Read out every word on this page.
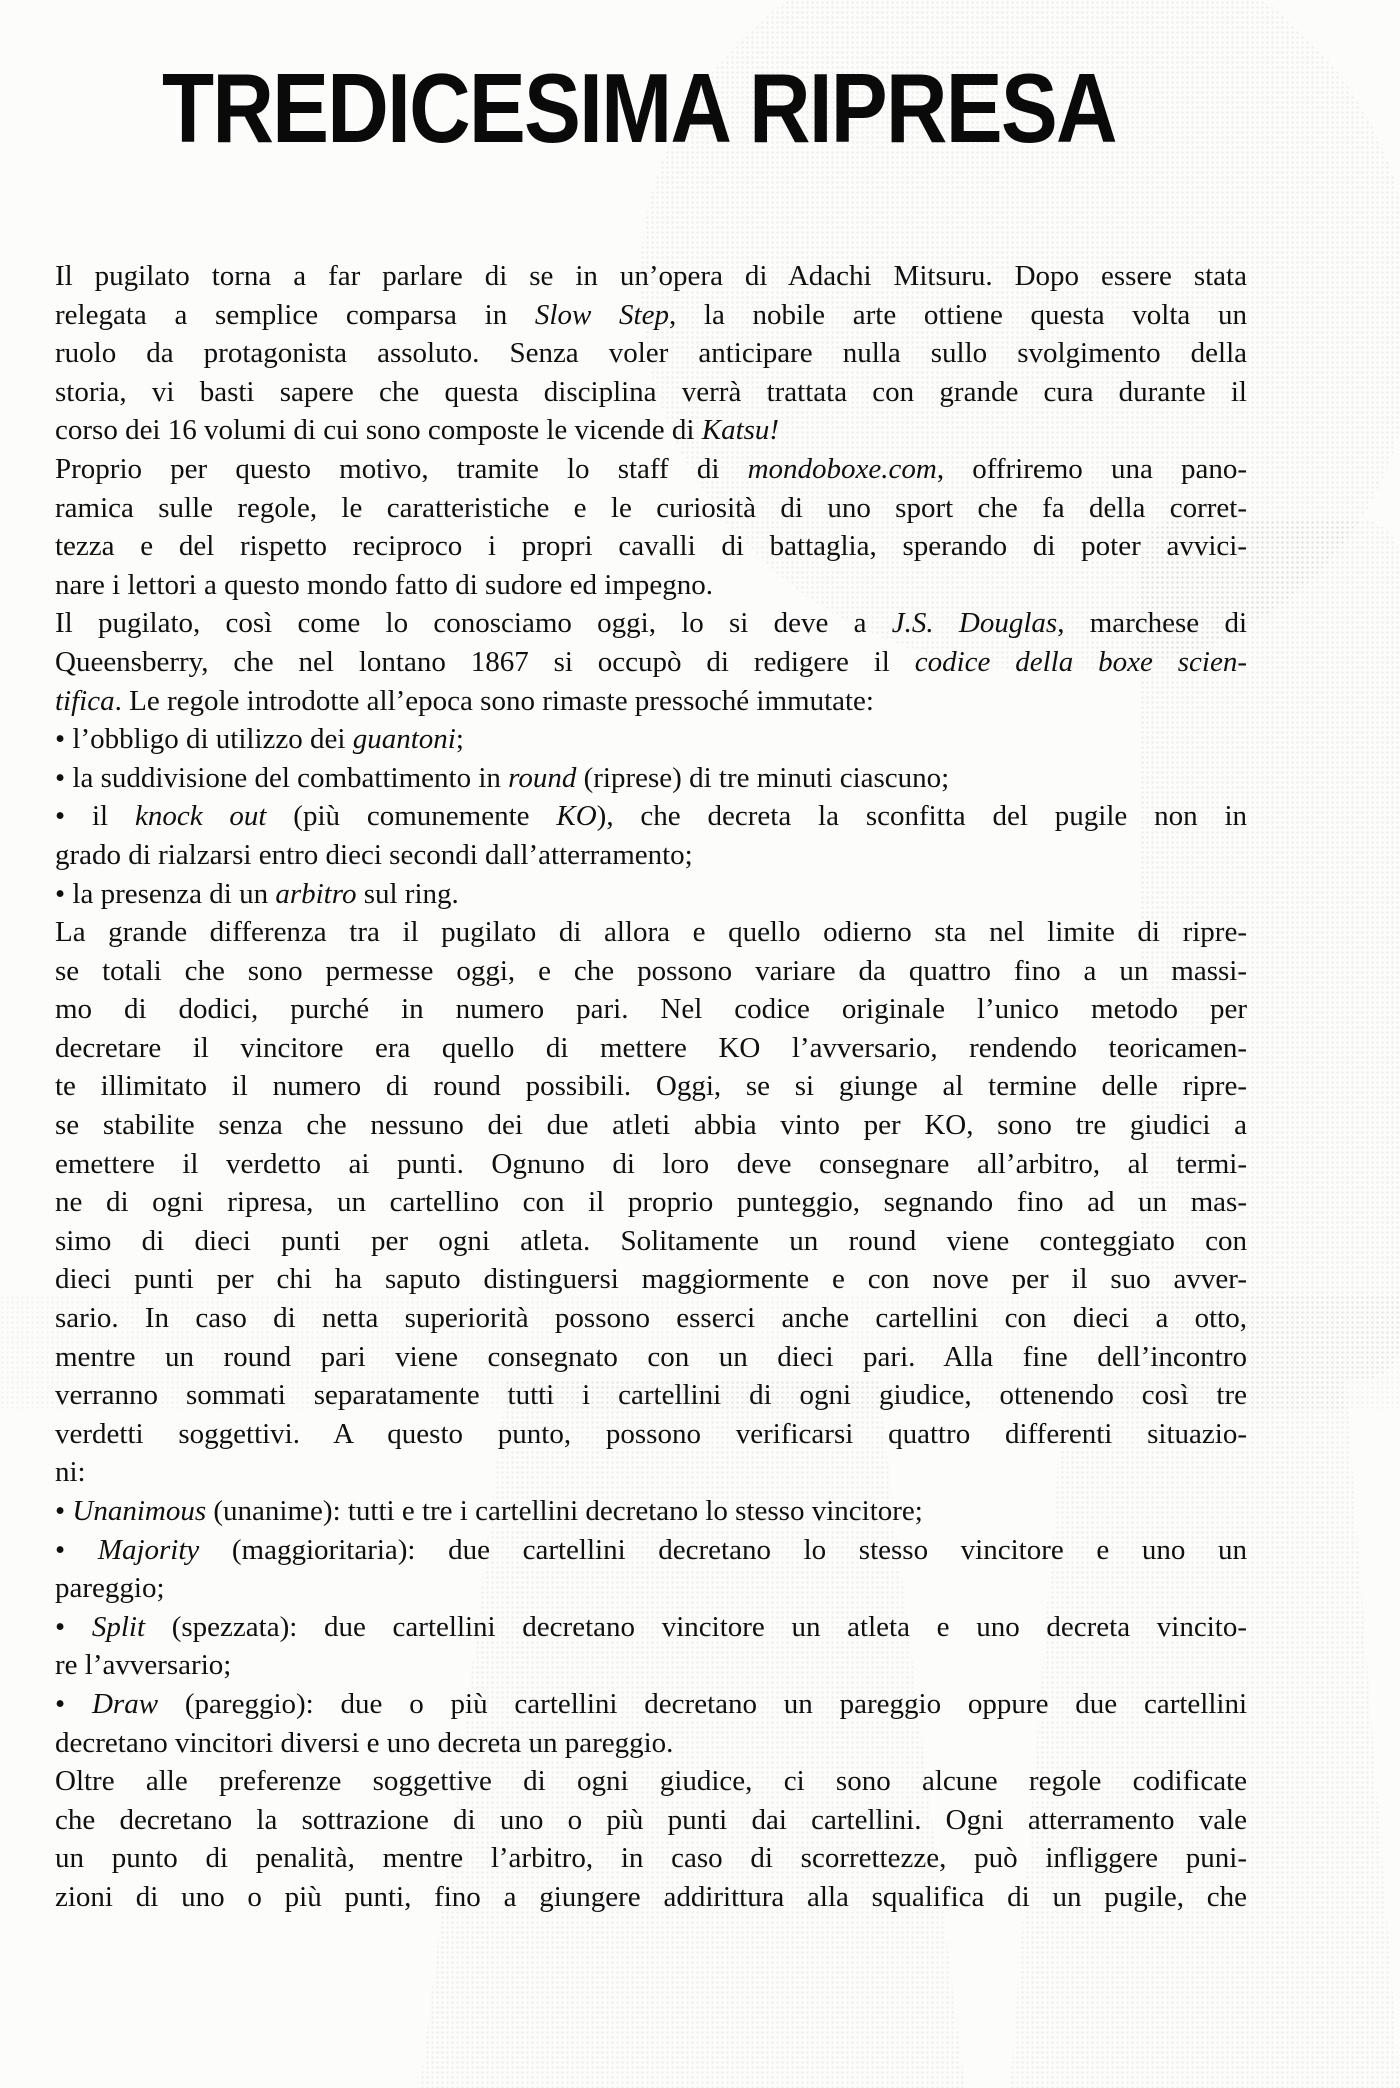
TREDICESIMA RIPRESA
Il pugilato torna a far parlare di se in un’opera di Adachi Mitsuru. Dopo essere stata
relegata a semplice comparsa in Slow Step, la nobile arte ottiene questa volta un
ruolo da protagonista assoluto. Senza voler anticipare nulla sullo svolgimento della
storia, vi basti sapere che questa disciplina verrà trattata con grande cura durante il
corso dei 16 volumi di cui sono composte le vicende di Katsu!
Proprio per questo motivo, tramite lo staff di mondoboxe.com, offriremo una pano-
ramica sulle regole, le caratteristiche e le curiosità di uno sport che fa della corret-
tezza e del rispetto reciproco i propri cavalli di battaglia, sperando di poter avvici-
nare i lettori a questo mondo fatto di sudore ed impegno.
Il pugilato, così come lo conosciamo oggi, lo si deve a J.S. Douglas, marchese di
Queensberry, che nel lontano 1867 si occupò di redigere il codice della boxe scien-
tifica. Le regole introdotte all’epoca sono rimaste pressoché immutate:
• l’obbligo di utilizzo dei guantoni;
• la suddivisione del combattimento in round (riprese) di tre minuti ciascuno;
• il knock out (più comunemente KO), che decreta la sconfitta del pugile non in
grado di rialzarsi entro dieci secondi dall’atterramento;
• la presenza di un arbitro sul ring.
La grande differenza tra il pugilato di allora e quello odierno sta nel limite di ripre-
se totali che sono permesse oggi, e che possono variare da quattro fino a un massi-
mo di dodici, purché in numero pari. Nel codice originale l’unico metodo per
decretare il vincitore era quello di mettere KO l’avversario, rendendo teoricamen-
te illimitato il numero di round possibili. Oggi, se si giunge al termine delle ripre-
se stabilite senza che nessuno dei due atleti abbia vinto per KO, sono tre giudici a
emettere il verdetto ai punti. Ognuno di loro deve consegnare all’arbitro, al termi-
ne di ogni ripresa, un cartellino con il proprio punteggio, segnando fino ad un mas-
simo di dieci punti per ogni atleta. Solitamente un round viene conteggiato con
dieci punti per chi ha saputo distinguersi maggiormente e con nove per il suo avver-
sario. In caso di netta superiorità possono esserci anche cartellini con dieci a otto,
mentre un round pari viene consegnato con un dieci pari. Alla fine dell’incontro
verranno sommati separatamente tutti i cartellini di ogni giudice, ottenendo così tre
verdetti soggettivi. A questo punto, possono verificarsi quattro differenti situazio-
ni:
• Unanimous (unanime): tutti e tre i cartellini decretano lo stesso vincitore;
• Majority (maggioritaria): due cartellini decretano lo stesso vincitore e uno un
pareggio;
• Split (spezzata): due cartellini decretano vincitore un atleta e uno decreta vincito-
re l’avversario;
• Draw (pareggio): due o più cartellini decretano un pareggio oppure due cartellini
decretano vincitori diversi e uno decreta un pareggio.
Oltre alle preferenze soggettive di ogni giudice, ci sono alcune regole codificate
che decretano la sottrazione di uno o più punti dai cartellini. Ogni atterramento vale
un punto di penalità, mentre l’arbitro, in caso di scorrettezze, può infliggere puni-
zioni di uno o più punti, fino a giungere addirittura alla squalifica di un pugile, che
